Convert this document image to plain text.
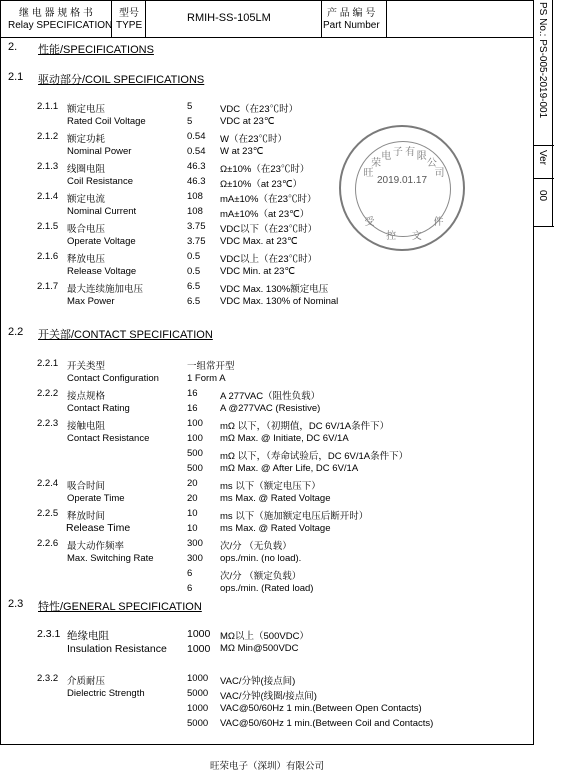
继 电 器 规 格 书
Relay SPECIFICATION
型号
TYPE
RMIH-SS-105LM	产 品 编 号
Part Number	PS No.: PS-005-2019-001
Ver
00
2. 性能/SPECIFICATIONS
2.1 驱动部分/COIL SPECIFICATIONS
2.1.1 额定电压
Rated Coil Voltage
5	VDC（在23℃时）
5	VDC at 23℃
2.1.2 额定功耗
Nominal Power
0.54 W（在23℃时）
0.54 W at 23℃
2.1.3 线圈电阻
Coil Resistance
46.3 Ω±10%（在23℃时）
46.3 Ω±10%（at 23℃）
2.1.4 额定电流
Nominal Current
108 mA±10%（在23℃时）
108 mA±10%（at 23℃）
2.1.5 吸合电压
Operate Voltage
3.75 VDC以下（在23℃时）
3.75 VDC Max. at 23℃
2.1.6 释放电压
Release Voltage
0.5 VDC以上（在23℃时）
0.5 VDC Min. at 23℃
2.1.7 最大连续施加电压
Max Power
6.5 VDC Max. 130%额定电压
6.5 VDC Max. 130% of Nominal
2.2 开关部/CONTACT SPECIFICATION
2.2.1 开关类型
Contact Configuration
一组常开型
1 Form A
2.2.2 接点规格
Contact Rating
16 A 277VAC（阻性负载）
16 A @277VAC (Resistive)
2.2.3 接触电阻
Contact Resistance
100 mΩ 以下，（初期值，DC 6V/1A条件下）
100 mΩ Max. @ Initiate, DC 6V/1A
500 mΩ 以下，（寿命试验后，DC 6V/1A条件下）
500 mΩ Max. @ After Life, DC 6V/1A
2.2.4 吸合时间
Operate Time
20 ms 以下（额定电压下）
20 ms Max. @ Rated Voltage
2.2.5 释放时间
Release Time
10 ms 以下（施加额定电压后断开时）
10 ms Max. @ Rated Voltage
2.2.6 最大动作频率
Max. Switching Rate
300 次/分 （无负载）
300 ops./min. (no load).
6	次/分 （额定负载）
6	ops./min. (Rated load)
2.3 特性/GENERAL SPECIFICATION
2.3.1 绝缘电阻
Insulation Resistance
1000 MΩ以上（500VDC）
1000 MΩ Min@500VDC
2.3.2 介质耐压
Dielectric Strength
1000 VAC/分钟(接点间)
5000 VAC/分钟(线圈/接点间)
1000 VAC@50/60Hz 1 min.(Between Open Contacts)
5000 VAC@50/60Hz 1 min.(Between Coil and Contacts)
2019.01.17
旺
荣
电 子 有 限
公
司
受
控 文
件
旺荣电子（深圳）有限公司
